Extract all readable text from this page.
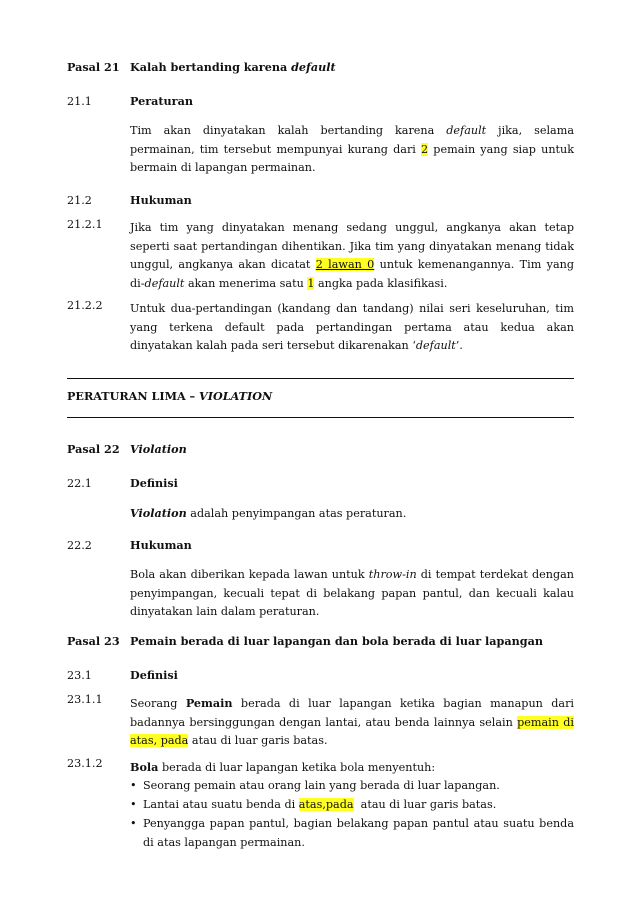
Pasal 21 Kalah bertanding karena default
21.1	Peraturan
Tim akan dinyatakan kalah bertanding karena default jika, selama permainan, tim tersebut mempunyai kurang dari 2 pemain yang siap untuk bermain di lapangan permainan.
21.2	Hukuman
21.2.1 Jika tim yang dinyatakan menang sedang unggul, angkanya akan tetap seperti saat pertandingan dihentikan. Jika tim yang dinyatakan menang tidak unggul, angkanya akan dicatat 2 lawan 0 untuk kemenangannya. Tim yang di-default akan menerima satu 1 angka pada klasifikasi.
21.2.2 Untuk dua-pertandingan (kandang dan tandang) nilai seri keseluruhan, tim yang terkena default pada pertandingan pertama atau kedua akan dinyatakan kalah pada seri tersebut dikarenakan ‘default’.
PERATURAN LIMA – VIOLATION
Pasal 22 Violation
22.1	Definisi
Violation adalah penyimpangan atas peraturan.
22.2	Hukuman
Bola akan diberikan kepada lawan untuk throw-in di tempat terdekat dengan penyimpangan, kecuali tepat di belakang papan pantul, dan kecuali kalau dinyatakan lain dalam peraturan.
Pasal 23 Pemain berada di luar lapangan dan bola berada di luar lapangan
23.1	Definisi
23.1.1 Seorang Pemain berada di luar lapangan ketika bagian manapun dari badannya bersinggungan dengan lantai, atau benda lainnya selain pemain di atas, pada atau di luar garis batas.
23.1.2 Bola berada di luar lapangan ketika bola menyentuh:
• Seorang pemain atau orang lain yang berada di luar lapangan.
• Lantai atau suatu benda di atas,pada  atau di luar garis batas.
• Penyangga papan pantul, bagian belakang papan pantul atau suatu benda di atas lapangan permainan.
